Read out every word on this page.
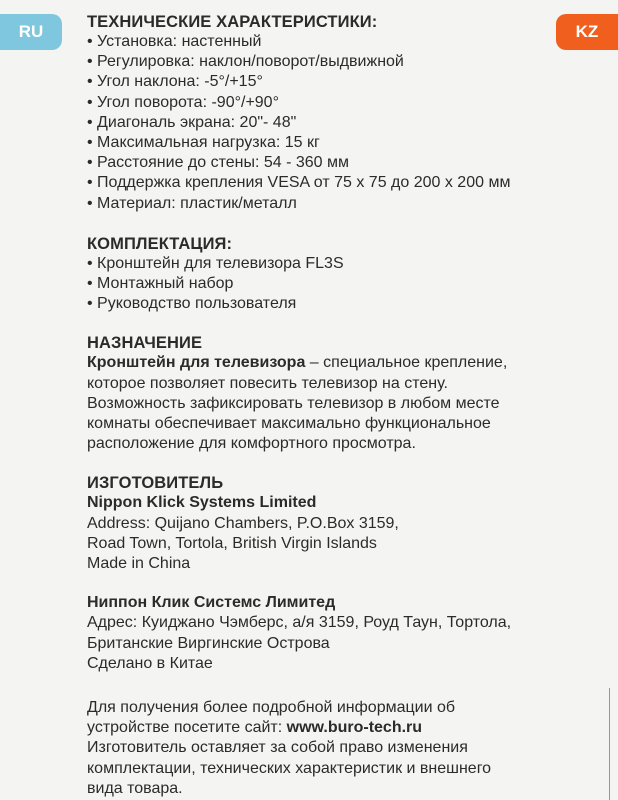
RU	KZ

ТЕХНИЧЕСКИЕ ХАРАКТЕРИСТИКИ:

• Установка: настенный

• Регулировка: наклон/поворот/выдвижной

• Угол наклона: -5°/+15°

• Угол поворота: -90°/+90°

• Диагональ экрана: 20"- 48"

• Максимальная нагрузка: 15 кг

• Расстояние до стены: 54 - 360 мм

• Поддержка крепления VESA от 75 х 75 до 200 х 200 мм

• Материал: пластик/металл

КОМПЛЕКТАЦИЯ:

• Кронштейн для телевизора FL3S

• Монтажный набор

• Руководство пользователя

НАЗНАЧЕНИЕ

Кронштейн для телевизора – специальное крепление,

которое позволяет повесить телевизор на стену.

Возможность зафиксировать телевизор в любом месте

комнаты обеспечивает максимально функциональное

расположение для комфортного просмотра.

ИЗГОТОВИТЕЛЬ

Nippon Klick Systems Limited

Address: Quijano Chambers, P.O.Box 3159,

Road Town, Tortola, British Virgin Islands

Made in China

Ниппон Клик Системс Лимитед

Адрес: Куиджано Чэмберс, а/я 3159, Роуд Таун, Тортола,

Британские Виргинские Острова

Сделано в Китае

Для получения более подробной информации об

устройстве посетите сайт: www.buro-tech.ru

Изготовитель оставляет за собой право изменения

комплектации, технических характеристик и внешнего

вида товара.
